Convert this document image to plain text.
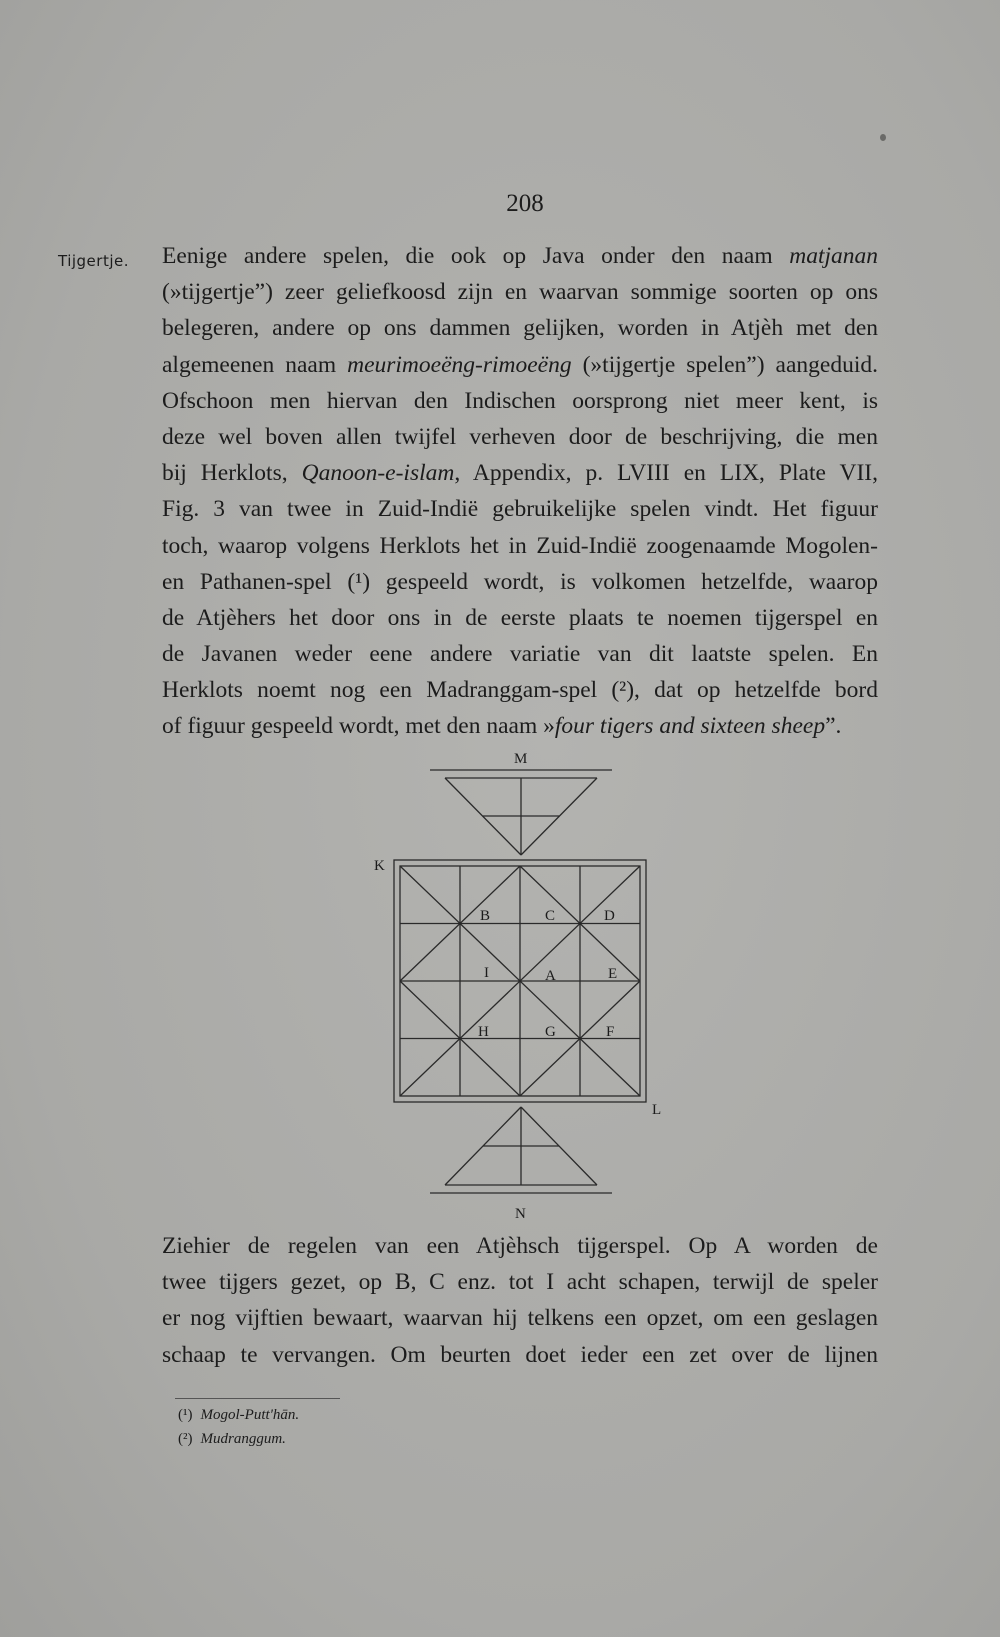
208
Tijgertje. Eenige andere spelen, die ook op Java onder den naam matjanan
(»tijgertje”) zeer geliefkoosd zijn en waarvan sommige soorten op ons
belegeren, andere op ons dammen gelijken, worden in Atjèh met den
algemeenen naam meurimoeëng-rimoeëng (»tijgertje spelen”) aangeduid.
Ofschoon men hiervan den Indischen oorsprong niet meer kent, is
deze wel boven allen twijfel verheven door de beschrijving, die men
bij Herklots, Qanoon-e-islam, Appendix, p. LVIII en LIX, Plate VII,
Fig. 3 van twee in Zuid-Indië gebruikelijke spelen vindt. Het figuur
toch, waarop volgens Herklots het in Zuid-Indië zoogenaamde Mogolen-
en Pathanen-spel (¹) gespeeld wordt, is volkomen hetzelfde, waarop
de Atjèhers het door ons in de eerste plaats te noemen tijgerspel en
de Javanen weder eene andere variatie van dit laatste spelen. En
Herklots noemt nog een Madranggam-spel (²), dat op hetzelfde bord
of figuur gespeeld wordt, met den naam »four tigers and sixteen sheep”.
M
K
L
N
B	C	D
I	A	E
H	G	F
Ziehier de regelen van een Atjèhsch tijgerspel. Op A worden de
twee tijgers gezet, op B, C enz. tot I acht schapen, terwijl de speler
er nog vijftien bewaart, waarvan hij telkens een opzet, om een geslagen
schaap te vervangen. Om beurten doet ieder een zet over de lijnen
(¹) Mogol-Putt'hān.
(²) Mudranggum.
